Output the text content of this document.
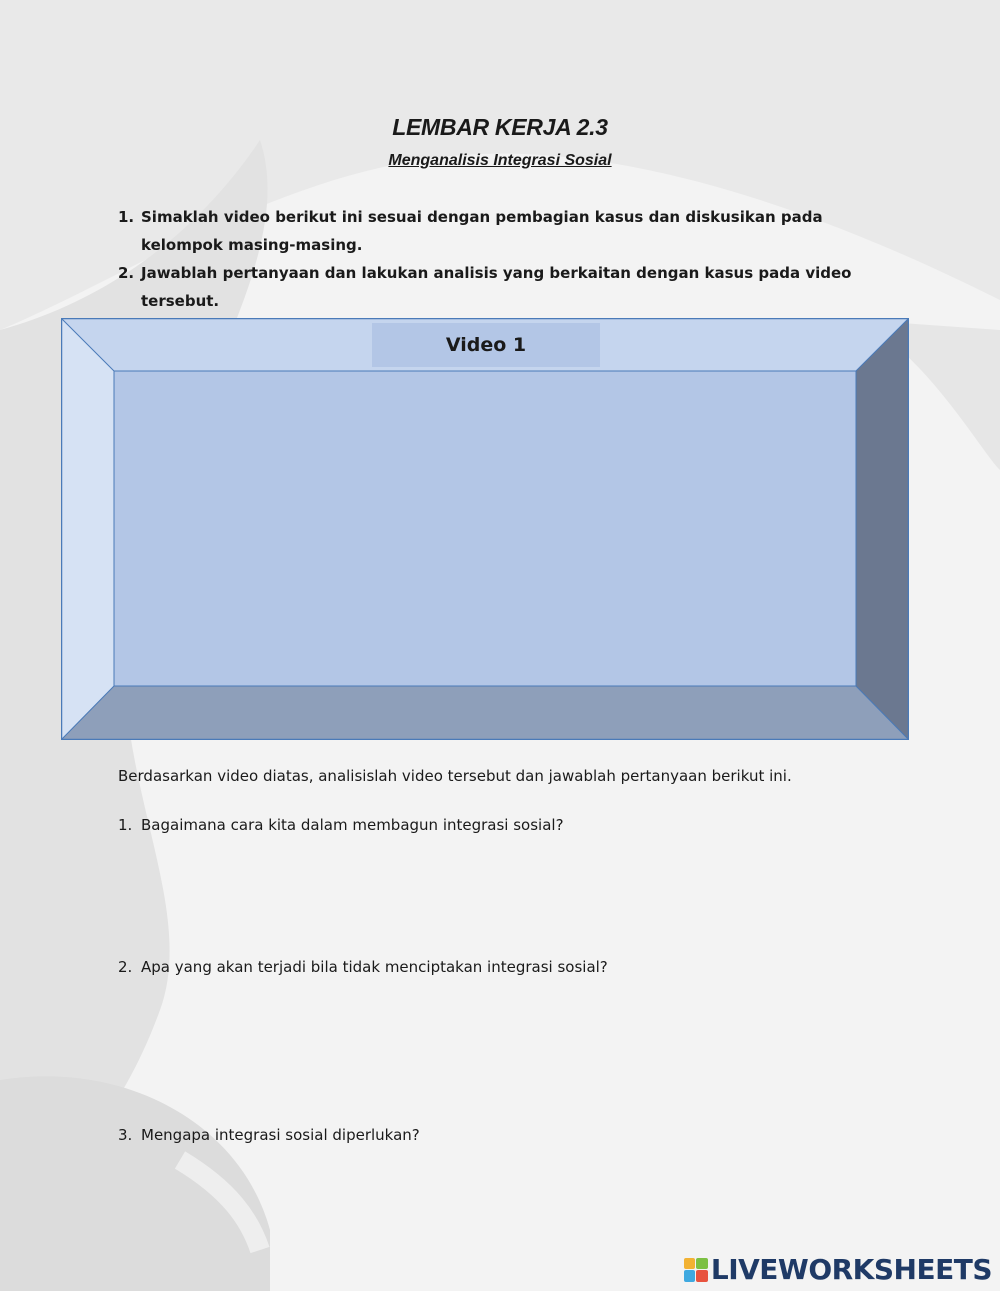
LEMBAR KERJA 2.3
Menganalisis Integrasi Sosial
1. Simaklah video berikut ini sesuai dengan pembagian kasus dan diskusikan pada kelompok masing-masing.
2. Jawablah pertanyaan dan lakukan analisis yang berkaitan dengan kasus pada video tersebut.
Video 1
Berdasarkan video diatas, analisislah video tersebut dan jawablah pertanyaan berikut ini.
1. Bagaimana cara kita dalam membagun integrasi sosial?
2. Apa yang akan terjadi bila tidak menciptakan integrasi sosial?
3. Mengapa integrasi sosial diperlukan?
LIVEWORKSHEETS
